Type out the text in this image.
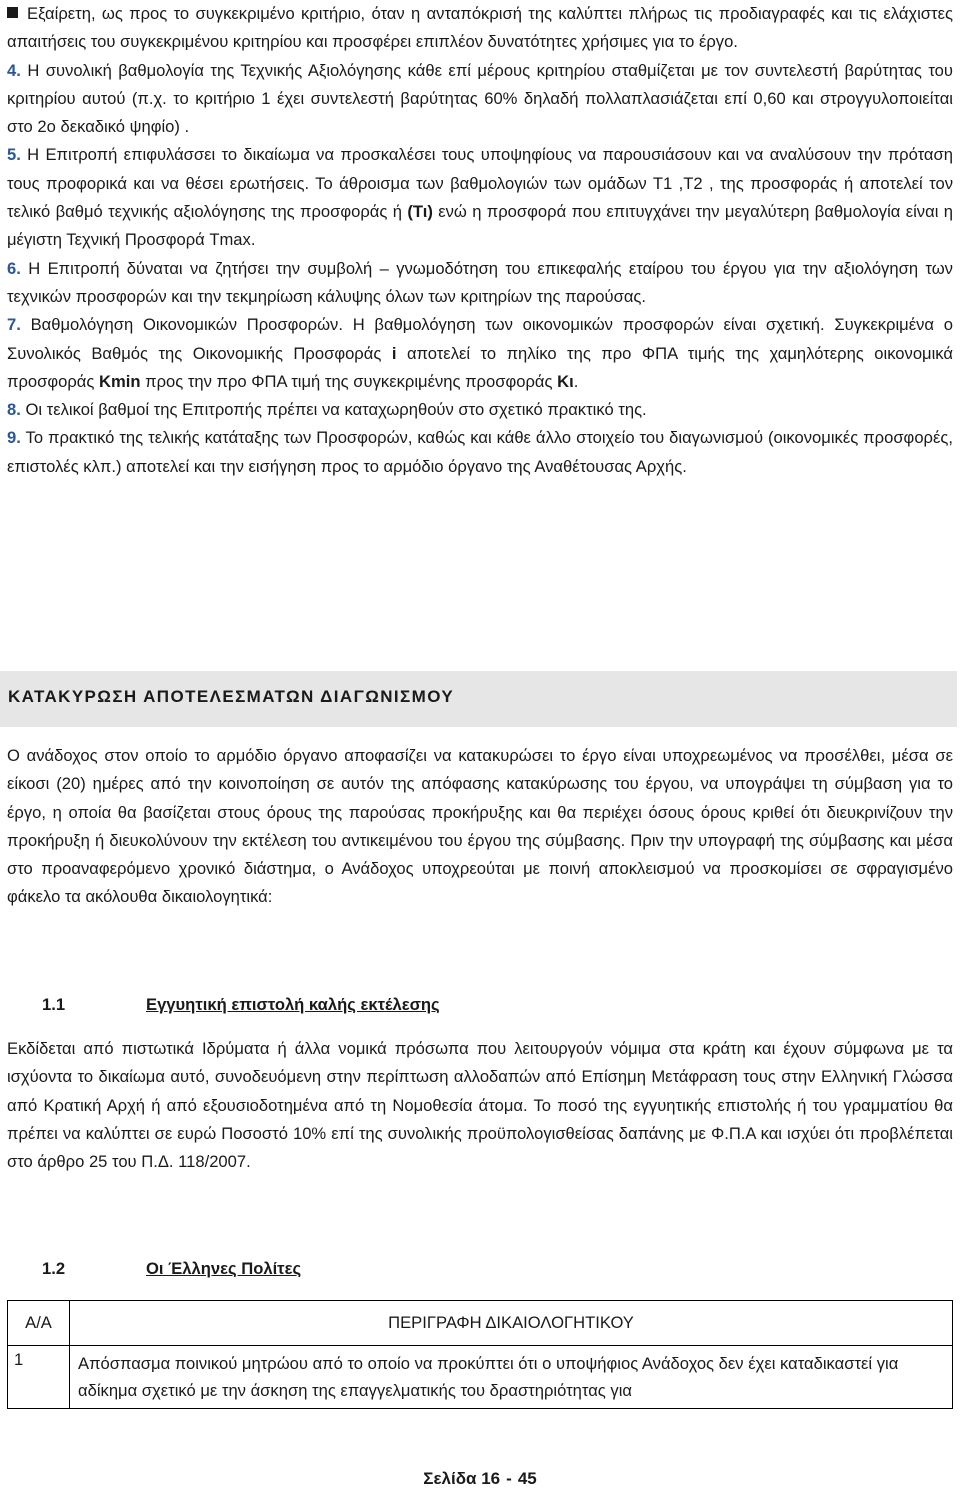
Εξαίρετη, ως προς το συγκεκριμένο κριτήριο, όταν η ανταπόκρισή της καλύπτει πλήρως τις προδιαγραφές και τις ελάχιστες απαιτήσεις του συγκεκριμένου κριτηρίου και προσφέρει επιπλέον δυνατότητες χρήσιμες για το έργο.

4. Η συνολική βαθμολογία της Τεχνικής Αξιολόγησης κάθε επί μέρους κριτηρίου σταθμίζεται με τον συντελεστή βαρύτητας του κριτηρίου αυτού (π.χ. το κριτήριο 1 έχει συντελεστή βαρύτητας 60% δηλαδή πολλαπλασιάζεται επί 0,60 και στρογγυλοποιείται στο 2ο δεκαδικό ψηφίο) .

5. Η Επιτροπή επιφυλάσσει το δικαίωμα να προσκαλέσει τους υποψηφίους να παρουσιάσουν και να αναλύσουν την πρόταση τους προφορικά και να θέσει ερωτήσεις. Το άθροισμα των βαθμολογιών των ομάδων Τ1 ,Τ2 , της προσφοράς ή αποτελεί τον τελικό βαθμό τεχνικής αξιολόγησης της προσφοράς ή (Τι) ενώ η προσφορά που επιτυγχάνει την μεγαλύτερη βαθμολογία είναι η μέγιστη Τεχνική Προσφορά Tmax.

6. Η Επιτροπή δύναται να ζητήσει την συμβολή – γνωμοδότηση του επικεφαλής εταίρου του έργου για την αξιολόγηση των τεχνικών προσφορών και την τεκμηρίωση κάλυψης όλων των κριτηρίων της παρούσας.

7. Βαθμολόγηση Οικονομικών Προσφορών. Η βαθμολόγηση των οικονομικών προσφορών είναι σχετική. Συγκεκριμένα ο Συνολικός Βαθμός της Οικονομικής Προσφοράς i αποτελεί το πηλίκο της προ ΦΠΑ τιμής της χαμηλότερης οικονομικά προσφοράς Kmin προς την προ ΦΠΑ τιμή της συγκεκριμένης προσφοράς Κι.

8. Οι τελικοί βαθμοί της Επιτροπής πρέπει να καταχωρηθούν στο σχετικό πρακτικό της.

9. Το πρακτικό της τελικής κατάταξης των Προσφορών, καθώς και κάθε άλλο στοιχείο του διαγωνισμού (οικονομικές προσφορές, επιστολές κλπ.) αποτελεί και την εισήγηση προς το αρμόδιο όργανο της Αναθέτουσας Αρχής.

ΚΑΤΑΚΥΡΩΣΗ ΑΠΟΤΕΛΕΣΜΑΤΩΝ ΔΙΑΓΩΝΙΣΜΟΥ

Ο ανάδοχος στον οποίο το αρμόδιο όργανο αποφασίζει να κατακυρώσει το έργο είναι υποχρεωμένος να προσέλθει, μέσα σε είκοσι (20) ημέρες από την κοινοποίηση σε αυτόν της απόφασης κατακύρωσης του έργου, να υπογράψει τη σύμβαση για το έργο, η οποία θα βασίζεται στους όρους της παρούσας προκήρυξης και θα περιέχει όσους όρους κριθεί ότι διευκρινίζουν την προκήρυξη ή διευκολύνουν την εκτέλεση του αντικειμένου του έργου της σύμβασης. Πριν την υπογραφή της σύμβασης και μέσα στο προαναφερόμενο χρονικό διάστημα, ο Ανάδοχος υποχρεούται με ποινή αποκλεισμού να προσκομίσει σε σφραγισμένο φάκελο τα ακόλουθα δικαιολογητικά:

1.1	Εγγυητική επιστολή καλής εκτέλεσης

Εκδίδεται από πιστωτικά Ιδρύματα ή άλλα νομικά πρόσωπα που λειτουργούν νόμιμα στα κράτη και έχουν σύμφωνα με τα ισχύοντα το δικαίωμα αυτό, συνοδευόμενη στην περίπτωση αλλοδαπών από Επίσημη Μετάφραση τους στην Ελληνική Γλώσσα από Κρατική Αρχή ή από εξουσιοδοτημένα από τη Νομοθεσία άτομα. Το ποσό της εγγυητικής επιστολής ή του γραμματίου θα πρέπει να καλύπτει σε ευρώ Ποσοστό 10% επί της συνολικής προϋπολογισθείσας δαπάνης με Φ.Π.Α και ισχύει ότι προβλέπεται στο άρθρο 25 του Π.Δ. 118/2007.

1.2	Οι Έλληνες Πολίτες
Α/Α	ΠΕΡΙΓΡΑΦΗ ΔΙΚΑΙΟΛΟΓΗΤΙΚΟΥ
1	Απόσπασμα ποινικού μητρώου από το οποίο να προκύπτει ότι ο υποψήφιος Ανάδοχος δεν έχει καταδικαστεί για αδίκημα σχετικό με την άσκηση της επαγγελματικής του δραστηριότητας για
Σελίδα 16 - 45
